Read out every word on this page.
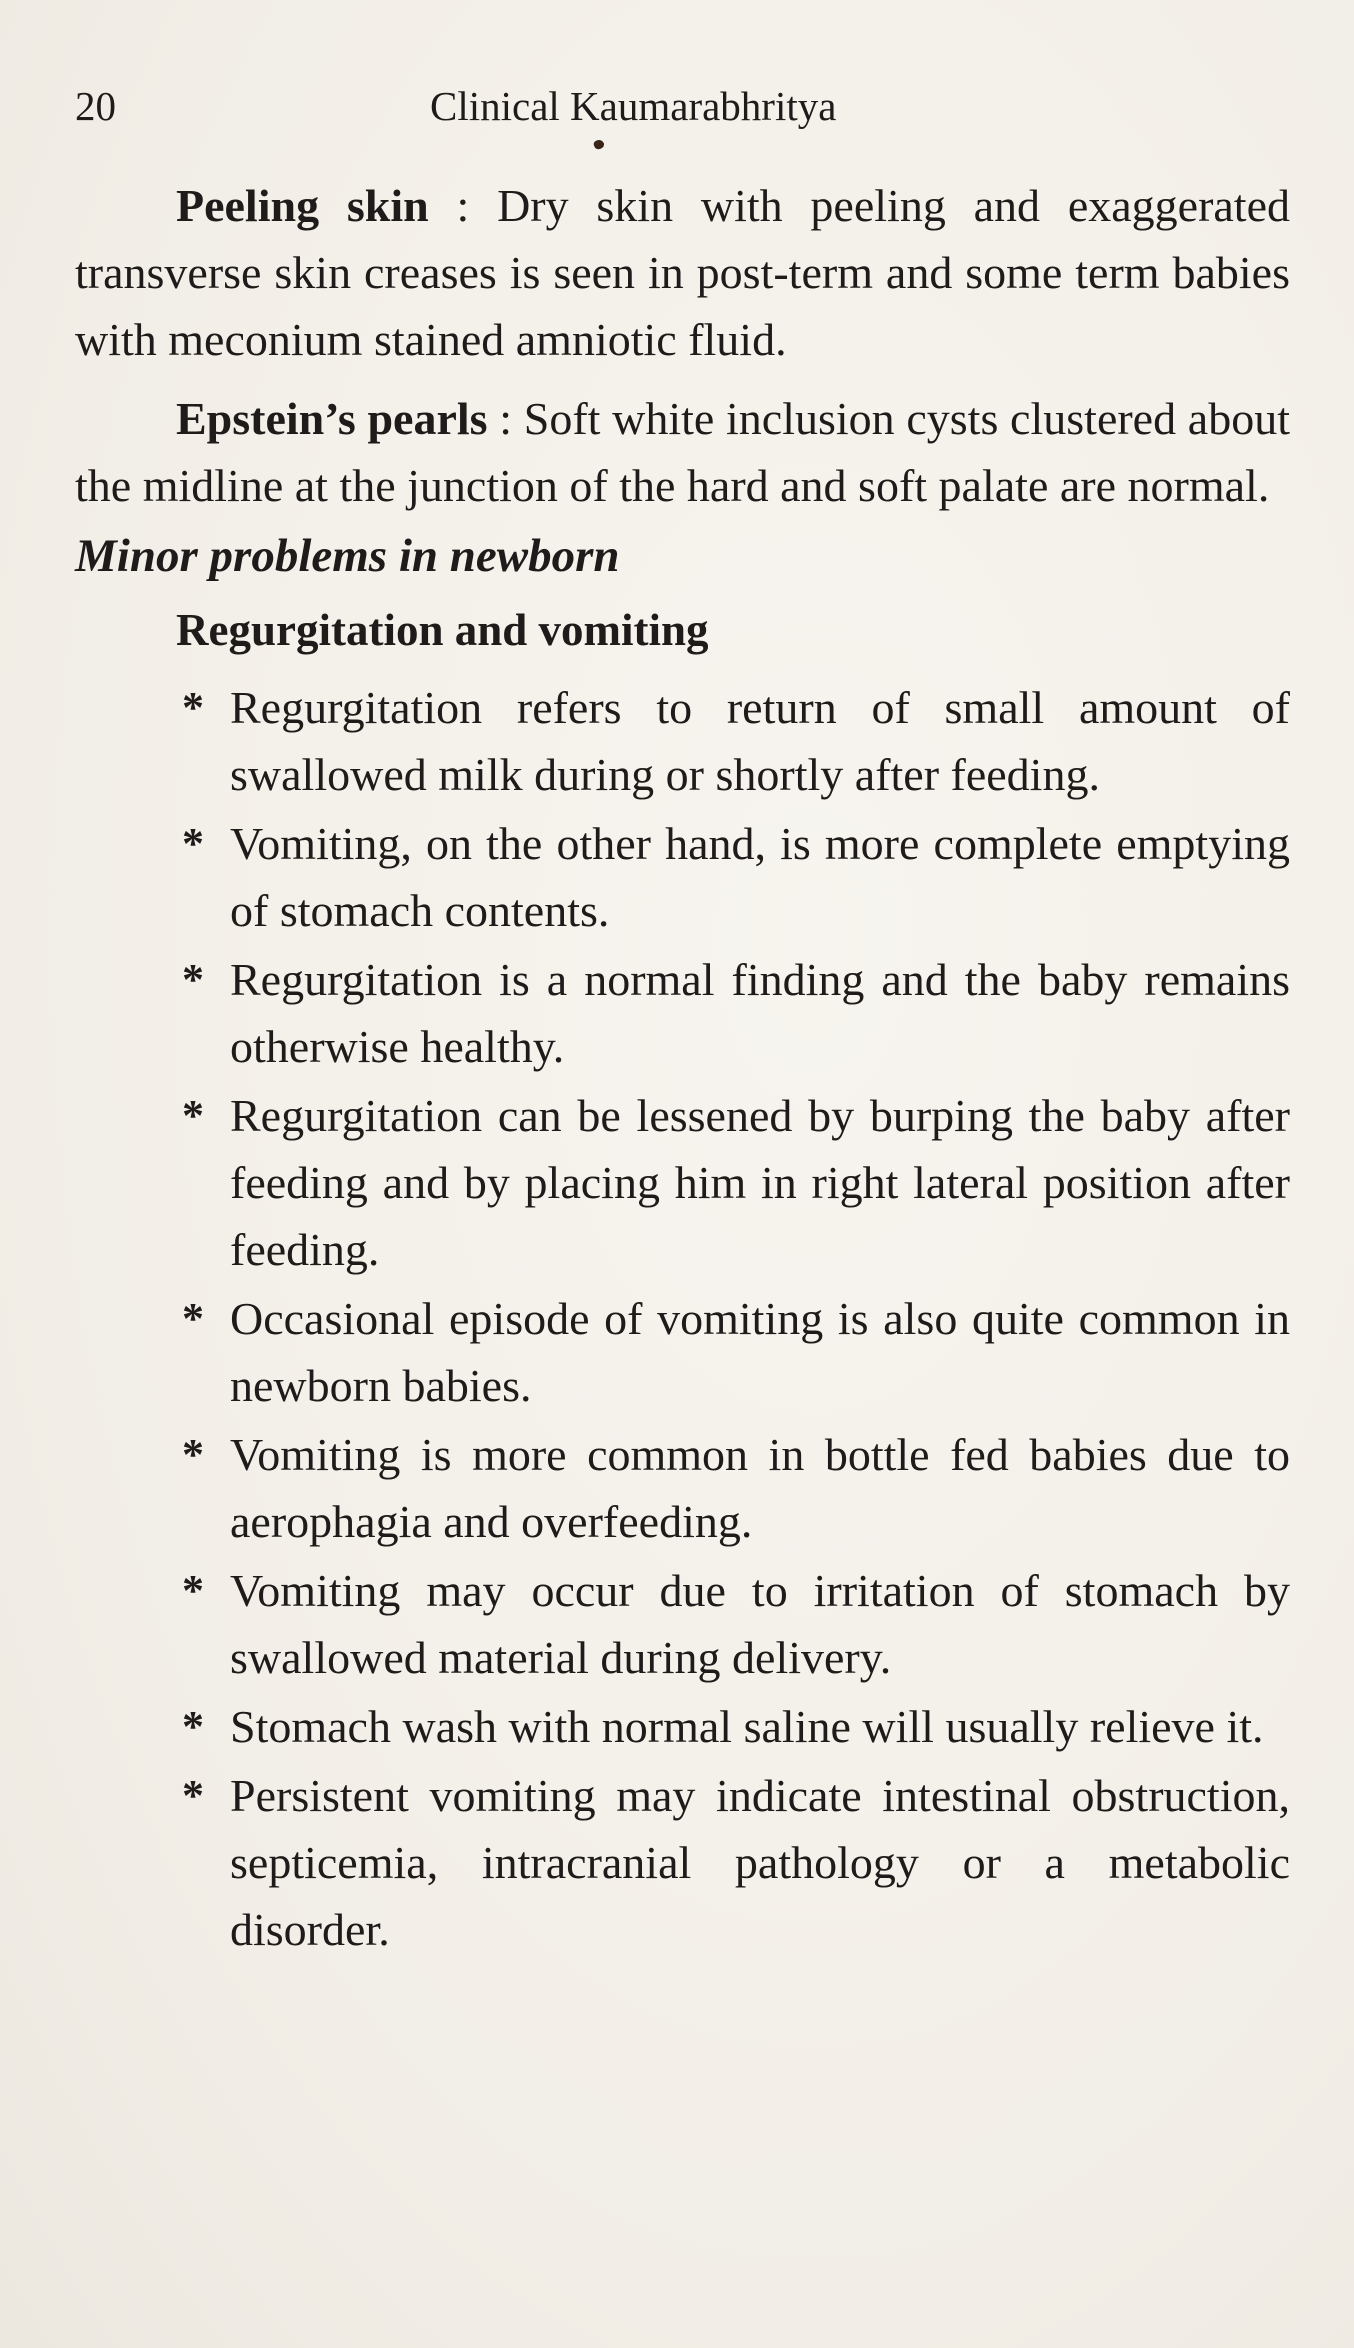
20	Clinical Kaumarabhritya

Peeling skin : Dry skin with peeling and exaggerated transverse skin creases is seen in post-term and some term babies with meconium stained amniotic fluid.

Epstein’s pearls : Soft white inclusion cysts clustered about the midline at the junction of the hard and soft palate are normal.

Minor problems in newborn
Regurgitation and vomiting
* Regurgitation refers to return of small amount of swallowed milk during or shortly after feeding.
* Vomiting, on the other hand, is more complete emptying of stomach contents.
* Regurgitation is a normal finding and the baby remains otherwise healthy.
* Regurgitation can be lessened by burping the baby after feeding and by placing him in right lateral position after feeding.
* Occasional episode of vomiting is also quite common in newborn babies.
* Vomiting is more common in bottle fed babies due to aerophagia and overfeeding.
* Vomiting may occur due to irritation of stomach by swallowed material during delivery.
* Stomach wash with normal saline will usually relieve it.
* Persistent vomiting may indicate intestinal obstruction, septicemia, intracranial pathology or a metabolic disorder.
